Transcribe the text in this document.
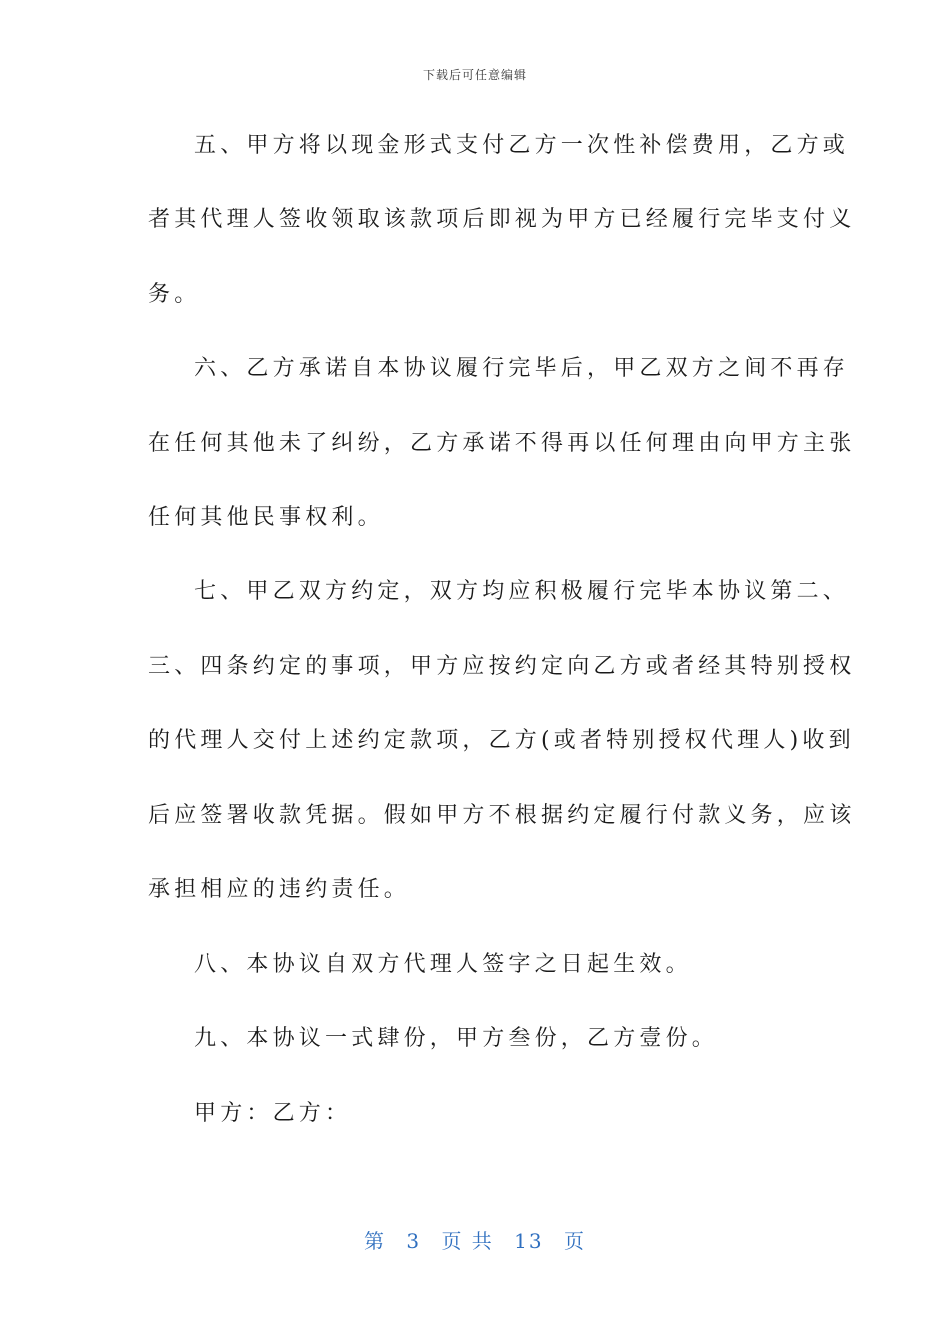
下载后可任意编辑
五、甲方将以现金形式支付乙方一次性补偿费用，乙方或
者其代理人签收领取该款项后即视为甲方已经履行完毕支付义
务。
六、乙方承诺自本协议履行完毕后，甲乙双方之间不再存
在任何其他未了纠纷，乙方承诺不得再以任何理由向甲方主张
任何其他民事权利。
七、甲乙双方约定，双方均应积极履行完毕本协议第二、
三、四条约定的事项，甲方应按约定向乙方或者经其特别授权
的代理人交付上述约定款项，乙方(或者特别授权代理人)收到
后应签署收款凭据。假如甲方不根据约定履行付款义务，应该
承担相应的违约责任。
八、本协议自双方代理人签字之日起生效。
九、本协议一式肆份，甲方叁份，乙方壹份。
甲方：乙方：
第 3 页 共 13 页
